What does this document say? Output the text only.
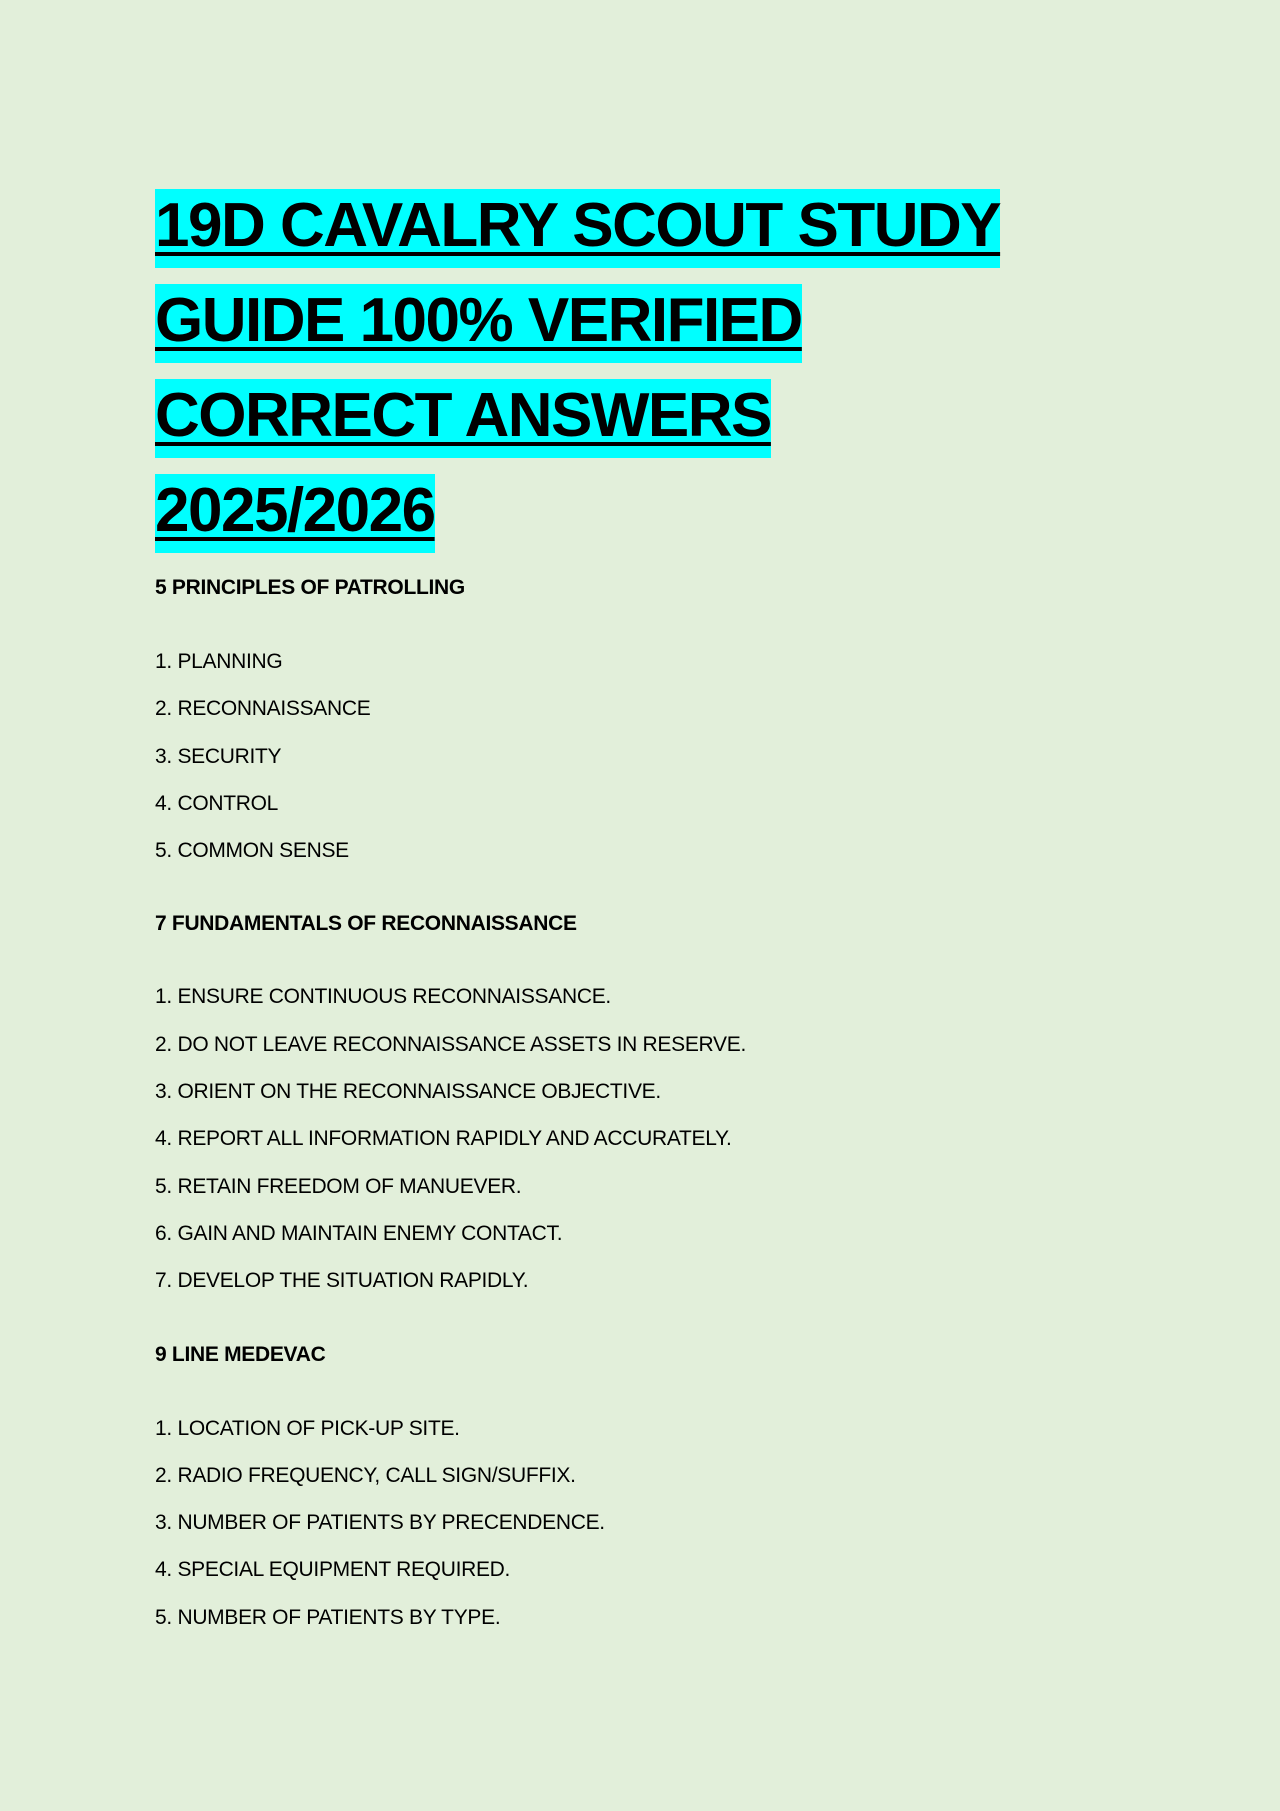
19D CAVALRY SCOUT STUDY
GUIDE 100% VERIFIED
CORRECT ANSWERS
2025/2026

5 PRINCIPLES OF PATROLLING

1. PLANNING
2. RECONNAISSANCE
3. SECURITY
4. CONTROL
5. COMMON SENSE

7 FUNDAMENTALS OF RECONNAISSANCE

1. ENSURE CONTINUOUS RECONNAISSANCE.
2. DO NOT LEAVE RECONNAISSANCE ASSETS IN RESERVE.
3. ORIENT ON THE RECONNAISSANCE OBJECTIVE.
4. REPORT ALL INFORMATION RAPIDLY AND ACCURATELY.
5. RETAIN FREEDOM OF MANUEVER.
6. GAIN AND MAINTAIN ENEMY CONTACT.
7. DEVELOP THE SITUATION RAPIDLY.

9 LINE MEDEVAC

1. LOCATION OF PICK-UP SITE.
2. RADIO FREQUENCY, CALL SIGN/SUFFIX.
3. NUMBER OF PATIENTS BY PRECENDENCE.
4. SPECIAL EQUIPMENT REQUIRED.
5. NUMBER OF PATIENTS BY TYPE.
